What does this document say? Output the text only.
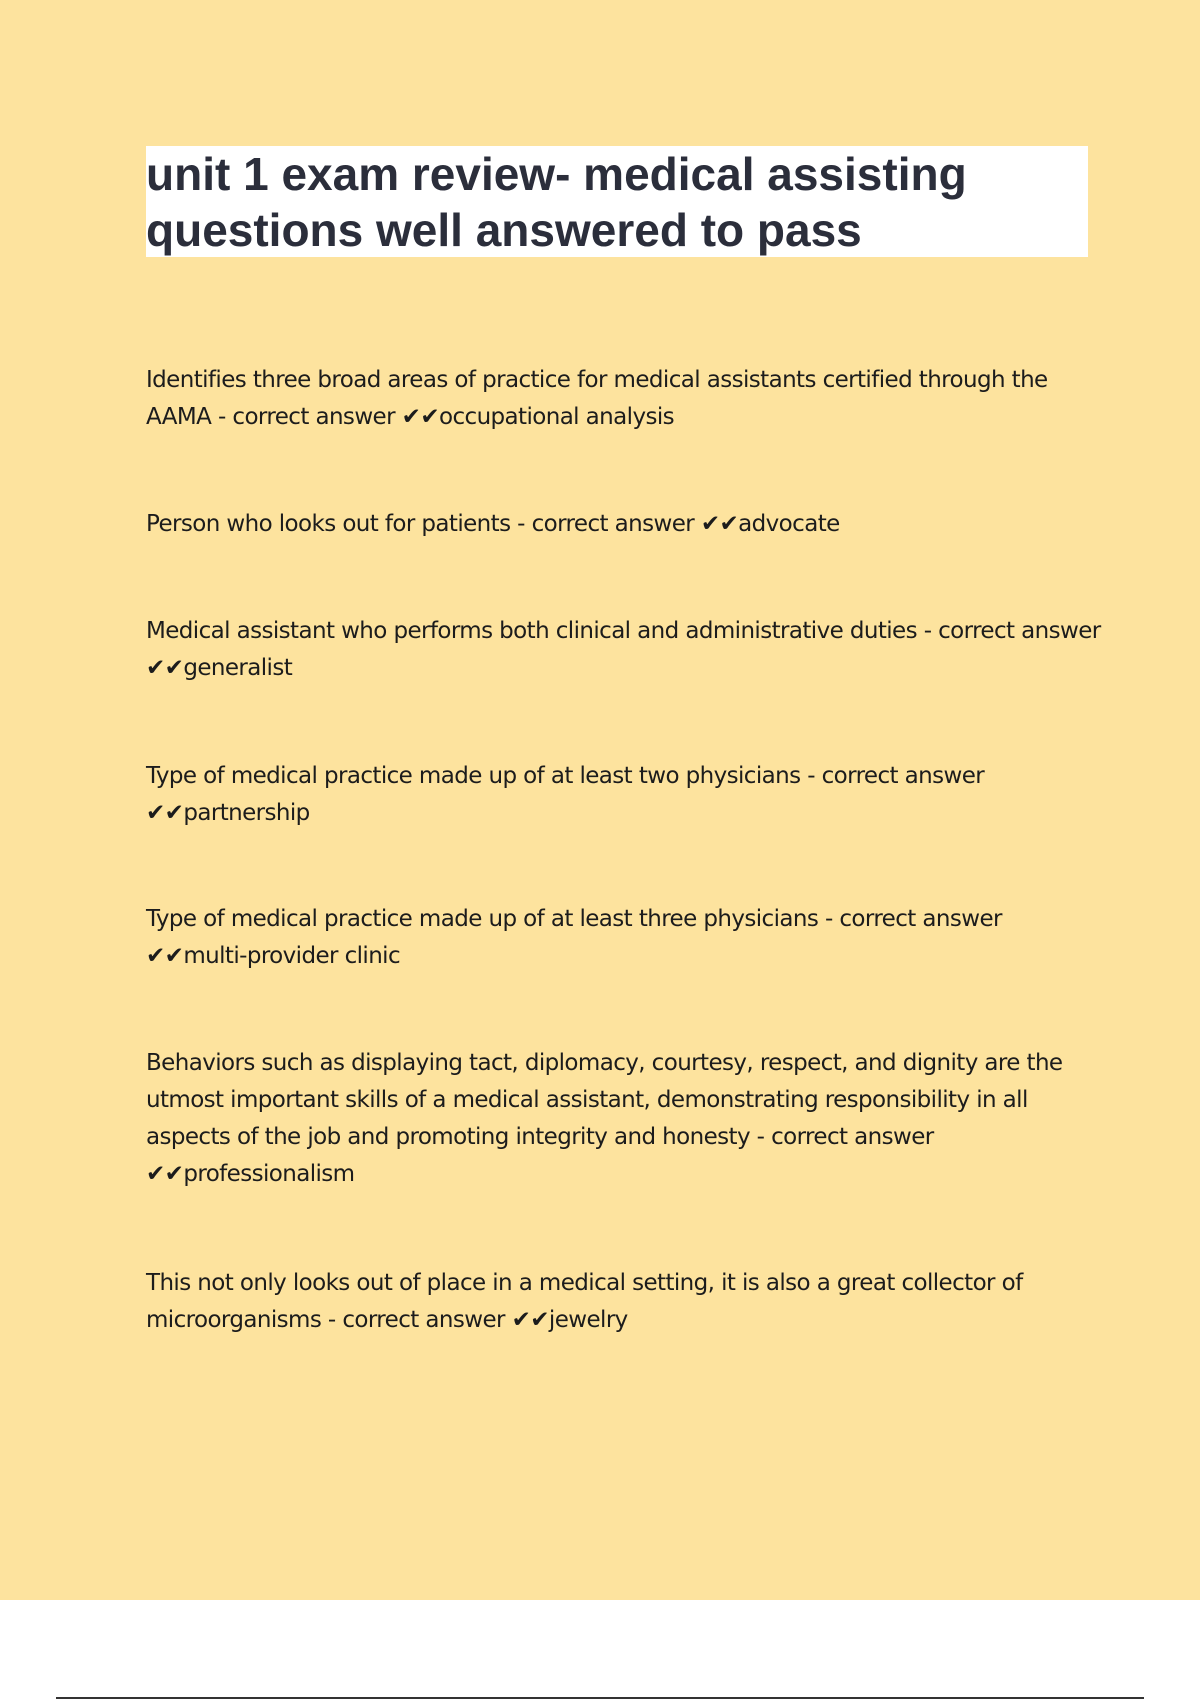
unit 1 exam review- medical assisting questions well answered to pass

Identifies three broad areas of practice for medical assistants certified through the AAMA - correct answer ✔✔occupational analysis

Person who looks out for patients - correct answer ✔✔advocate

Medical assistant who performs both clinical and administrative duties - correct answer ✔✔generalist

Type of medical practice made up of at least two physicians - correct answer ✔✔partnership

Type of medical practice made up of at least three physicians - correct answer ✔✔multi-provider clinic

Behaviors such as displaying tact, diplomacy, courtesy, respect, and dignity are the utmost important skills of a medical assistant, demonstrating responsibility in all aspects of the job and promoting integrity and honesty - correct answer ✔✔professionalism

This not only looks out of place in a medical setting, it is also a great collector of microorganisms - correct answer ✔✔jewelry
